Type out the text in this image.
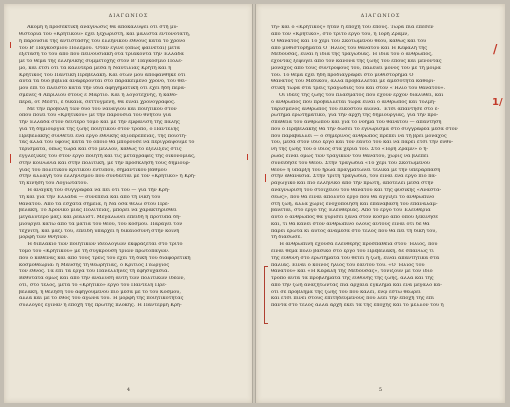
ΔΙΑΓΩΝΙΟΣ
Ἀκόμη ἡ προσεκτικὴ ἀνάγνωσις θὰ ἀποκαλύψει ὅτι στὴ μυ-
θιστορία τοῦ «Κρητικοῦ» ἔχει ξεχωριστή, καὶ μάλιστα ἐντονότατη,
ἡ παρουσία τῆς ἀντίστασης τοῦ ἑλληνικοῦ ἔθνους κατὰ τὸ χρόνο
τοῦ Β' Παγκοσμίου Πολέμου. Ὅταν ἔγινε (ὅπως φαίνεται) μετὰ
εξέταση τὸ τοῦ ἀπὸ ποῦ πεινουσιακή ὅτα τριάκοντα τὴν Ἐλλάδα
μὲ τὸ θέμα τῆς ἐλληνικῆς συμμετοχῆς στὸν Β' Παγκόσμιο Πόλε-
μο, καὶ ἔτσι ὅτι τὰ καλύτερα μέσα ἡ Ναυτιλίας Κρήτη καὶ ἡ
Κρητικὸς τοῦ Παντικῆ Πρεβέλακη. Καὶ ὅτων μοῦ ἀποφάνθηκε ὅτι
αὐτὰ τὰ δύο βιβλία ἀναφέρονται στὸ παρακείμενο χρόνο, τοῦ θεί-
μου ἐπὶ τὸ πλεῖστο κατὰ τὴν ἴδια ἀφηγηματικὴ ὅτι ἔχει ἤδη περά-
σμένες 4 Ἀπριλίου στοὺς ἐ Μάρτιο. Καὶ ἡ λογοτέχνης, ἡ καθό-
περα, ὅτ Μέστι, ἐ δίκαια, σεττυγμένη, θὰ εἶναι χρονογράφος.
Μὲ τὴν προβολὴ τῶν δύο τοῦ ναυαγίου καὶ ποιητικοῦ στὸν
ὅπου ποιεῖ τοῦ «Κρητικοῦ» μὲ τὴν παρουσία τοῦ θνήτου γιὰ
τὴν Ἑλλάδα στὸν δεύτερο τόμο καὶ μὲ τὴν ἐμφάνιση τῆς πάλης
γιὰ τὴ δημιουργία τῆς ζωῆς ποιητικοῦ στὸν τρόπο, ὁ Παντελῆς
Πρεβελάκης συνθέτει ἕνα ἔργο ἐθνικῆς ἀξιοπρέπειας, τῆς ποιότη-
τας ἀλλὰ τοῦ ὕφους κατὰ τὸ ὁποῖο θὰ μπορούσε νὰ περιγράψουμε τὸ
τερίσματα, ὅπως τώρα καὶ στὸ μέλλον, καθὼς τὸ ἐξελίξεις στὶς
ἐγγλέζικες τοῦ στὸν ἔργο ποιητή καὶ τὶς μεταγραφὲς τῆς οἰκονομίας,
στὴν κοινωνία καὶ στὴν πολιτική, μὲ τὴν πρόσκλησή τους δημιουρ-
γίας τοῦ πολιτικοῦ κριτικοῦ ἐντύπου, σημαντικοῦ βαθμοῦ
στὴν ἀλλαγὴ τοῦ ἑλληνισμοῦ ποὺ συνδέεται μὲ τὸν «Κρητικὸ» ἡ Κρή-
τη κίνηση τοῦ Λογιώτατου.
Ἡ ἀνάγκη τοῦ συγγραφέα νὰ πεῖ ὅτι τοῦ — γιὰ τὴν Κρή-
τη καὶ γιὰ τὴν Ἑλλάδα — συνέπεια καὶ ἀπὸ τὴ νικὴ τοῦ
θανάτου. Ἀπὸ τὰ ἔσχατα σημεῖα, ἡ Νὰ ὅσα θέλω στοῦ Πρε-
βελάκη, Τὸ Χρονικὸ μιᾶς Πολιτείας, μπορεῖ νὰ χαρακτηρισθεῖ
μεγαλύτερο μαζὶ καὶ ρεαλιστ. Μεγαλώνει ἐπειδὴ ἡ πρότυπα δη-
μιουργεῖ κάτω ἀπὸ τὰ μάτια τοῦ θεοῦ, τοῦ κόσμου. Παράγει τὸν
τεχνίτη, καὶ μαζί του, ἐπειδὴ ὑπάρχει ἡ δικαιοσύνη στὴν κοινὴ
μορφὴ τῶν θνητῶν.
Ἡ διπλάκιο τῶν ποιητικῶν ἰδεολογιῶν ἐκφράζεται στὸ τρίτο
τόμο τοῦ «Κρητικοῦ» μὲ τὴ σύγκρουση τριῶν πρωτοπαγῶν.
ποὺ ὁ καθένας καὶ ἀπὸ τοὺς τρεῖς τοῦ ἔχει τὴ δική του διαφορετική
κοσμοθεωρία: ἡ Μαυσῆς τῆ θεωρητίας, ὁ Κρίτιος Γεώργιος
τὸν ἔθνος. Τὰ ἐπὶ τὰ ἔργα τοῦ Πανελλήνες τὴ ἐφησυχασία.
Βεθύτατα ὅμως καὶ ἀπὸ τὴν ἀνάλυση αὐτῆ τῶν πολιτικῶν ἰδεῶν,
ὅτι, στὸ τέλος, μετὰ τὸ «Κρητικὸ» ἔργο τοῦ Παντελῆ Πρε-
βελάκη, ἡ θέληση τοῦ ἀφηγουμένου πιὸ μέσα μὲ τὸ τοῦ Κόσμου,
ἀλλὰ καὶ μὲ τὸ ἔθος τοῦ ἀγώνα τοῦ. Ἡ μορφὴ τῆς ποιητικότητας
συλλογὲς ἔγιναν ἡ ἐποχὴ τῆς πρώτης πλοκῆς. Ἡ Παντέρμη Κρή-
4
ΔΙΑΓΩΝΙΟΣ
τη» καὶ ὁ «Κρητικὸς» ἦταν ἡ ἐποχὴ τοῦ ἔπους. Τώρα πιὰ ἔπεσεν
ἀπὸ τὸν «Κρητικό», στὸ τρίτο ἔργο του, ἡ Ἰορὴ Ζρᾶμν,
Ὁ Θάνατος καὶ Τὸ χέρι τοῦ Σκοτωμένου θεοῦ, καθὼς καὶ τοῦ
ἀπὸ μυθιστορήματα Ὁ Ἥλιος τοῦ θανάτου καὶ Ἡ Κεφαλὴ τῆς
Μέδουσας, εἶναι ἡ ἴδια τῆς τραγωδίας. Ἡ ἴδια τοῦ ὁ ἄνθρωπος,
ἔχοντας ξεφύγει ἀπὸ τὸν κανόνα τῆς ζωῆς τοῦ ἔπους καὶ μένοντας
μοναχὸς ἀπὸ τοὺς συντρόφους του, παλεύει μόνος του μὲ τὴ μοῖρα
του. Τὸ θέμα ἔχει ἤδη προδιαγραφεῖ στὸ μυθιστόρημα Ὁ
Θάνατος τοῦ Μέδικου, ἀλλὰ προβάλλεται μὲ ἀμεσότητα καθορι-
στικὴ τώρα στὰ τρεῖς τραγωδίες του καὶ στὸν «Ἥλιο τοῦ θανάτου».
Οἱ ἰδέες τῆς ζωῆς τοῦ πλάσματος ποὺ ἔχουν ἔρχον διαλυθεῖ, καὶ
ὁ ἄνθρωπος ποὺ προβάλλεται τώρα εἶναι ὁ ἄνθρωπος καὶ τολμη-
ταρισμένος ἄνθρωπος τοῦ εἰκοστοῦ αἰῶνα. Ἔτσι ἀπάντησε στὸ ἐ-
ρώτημα ἐρωτηματικό, γιὰ τὴν ἀρχὴ τῆς δημιουργίας, γιὰ τὴν προ-
σπάθεια τοῦ ἀνθρώπου καὶ γιὰ τὸ νόημα τοῦ θανάτου — ἀπάντηση
ποὺ ὁ Πρεβελάκης θὰ τὴν δώσει τὸ ἐγνώρισμα στὸ συγγραφέα μέσα στὸν
ποὺ παραβάλλει — ὁ σημερινὸς ἄνθρωπος πρέπει νὰ τὴ βρεῖ μοναχός
του, μέσα στὸν ἴδιο ἔργο καὶ τὸν ἑαυτό του καὶ νὰ πάρει ἔτσι τὴν εὐθύ-
νη τῆς ζωῆς του ὁ ἴδιος στὰ χέρια του. Στὸ «Ἰορὴ Ζρᾶμν» ὁ ἥ-
ρωας εἶναι ὅμως τῶν τραγικῶν τοῦ θανάτου, χωρὶς νὰ βλέπει
συνείδησέ τοῦ Θεοῦ. Στὴν τραγωδία «Τὸ χέρι τοῦ Σκοτωμένου
θεοῦ» ἡ ὕπαρξη τοῦ ἥρωα πραγματώνει τελικὰ μὲ τὴν ὑπεράρπαση
στὴν ἀθανασία. Στὴν τρίτη τραγωδία, τοῦ εἶναι ἕνα ἔργο πιὸ πα-
ραγωγικὸ καὶ πιὸ ἐλληνικό ἀπὸ τὴν πρώτη, ἀποτελεῖ μέσα στὴν
ἀναγνώριση τοῦ στοιχείου τοῦ θανάτου καὶ τῆς φυσικῆς «Ἀναστά-
σεως», ποὺ θὰ εἶναι ἀπόλυτο ἔργο ποὺ θὰ ἀγγίξει τὸ ἀνθρώπινο
στὴ ζωή, ἀλλὰ χωρὶς ἐνοχοποίηση καὶ ἐπανάβαση τοῦ ἐπαναλαμ-
βάνεται, στὸ ἔργο τῆς Ἐλευθερίας. Ἀπὸ τὸ ἔργο τοῦ Ἐλευθερία
αὐτὸ ὁ ἄνθρωπος θὰ γυρίσει ξανὰ στὸν κόσμο ἀπὸ ὅπου ξεκίνησε
καὶ, τι θὰ κάνει στὸν ἀνθρώπινο ὅλους αὐτοὺς εἶναι ὅτι δὲ θὰ
πάρει ἔρωτα κι αὐτὸς ἀνάμεσα στὸ τέλος ποὺ θὰ πεῖ τὴ δική του,
τὴ διάσωσε.
Ἡ ἀνθρώπινη ἔχουσα ἐλεύθερης προσπαθεία στοῦ Ἥλιος, ποὺ
εἶναι θέμα πολὺ βασικό στὸ ἔργο τοῦ Πρεβελάκη, δὲ σπανίως τί
τῆς εὐθύνη στὸ ἐρωτήματα τοῦ θέτει ἡ ζωή, εἶναι ἀπαντητικὰ στὰ
παλιὰς. Εἶναι ὁ κοινὸς ἦλιος τοῦ ἑαυτοῦ τοῦ. «Ὁ Ἥλιος τοῦ
θανάτου» καὶ «Ἡ Κεφαλὴ τῆς Μέδουσας», τονίζουν μὲ τὸν ἴδιο
τρόπο αὐτὰ τὰ προβλήματα τῆς εὐθύνης τῆς ζωῆς, ἀλλὰ καὶ τῆς
ἀπὸ τὴν ζωὴ ἀναζητώντας πιὰ ἀρχαῖα ἔγκλημα καὶ ἕνα μεγάλο κα-
ὅτι σὲ πρόβλημα τῆς ζωῆς του ποὺ καλεῖ, ἐνῷ ἔστω θεωρεῖ
καὶ ἔτσι πίνει στοὺς ἐπιτηδευμένους ποὺ λέει τὴν ἐποχή τῆς ἐπὶ
πάντα στὸ τέλος ἀλλὰ ἀρχὴ ἐκεῖ τὰ τῆς ἐποχῆς καὶ τὸ μέλλον τοῦ ἡ
5
/
1/
